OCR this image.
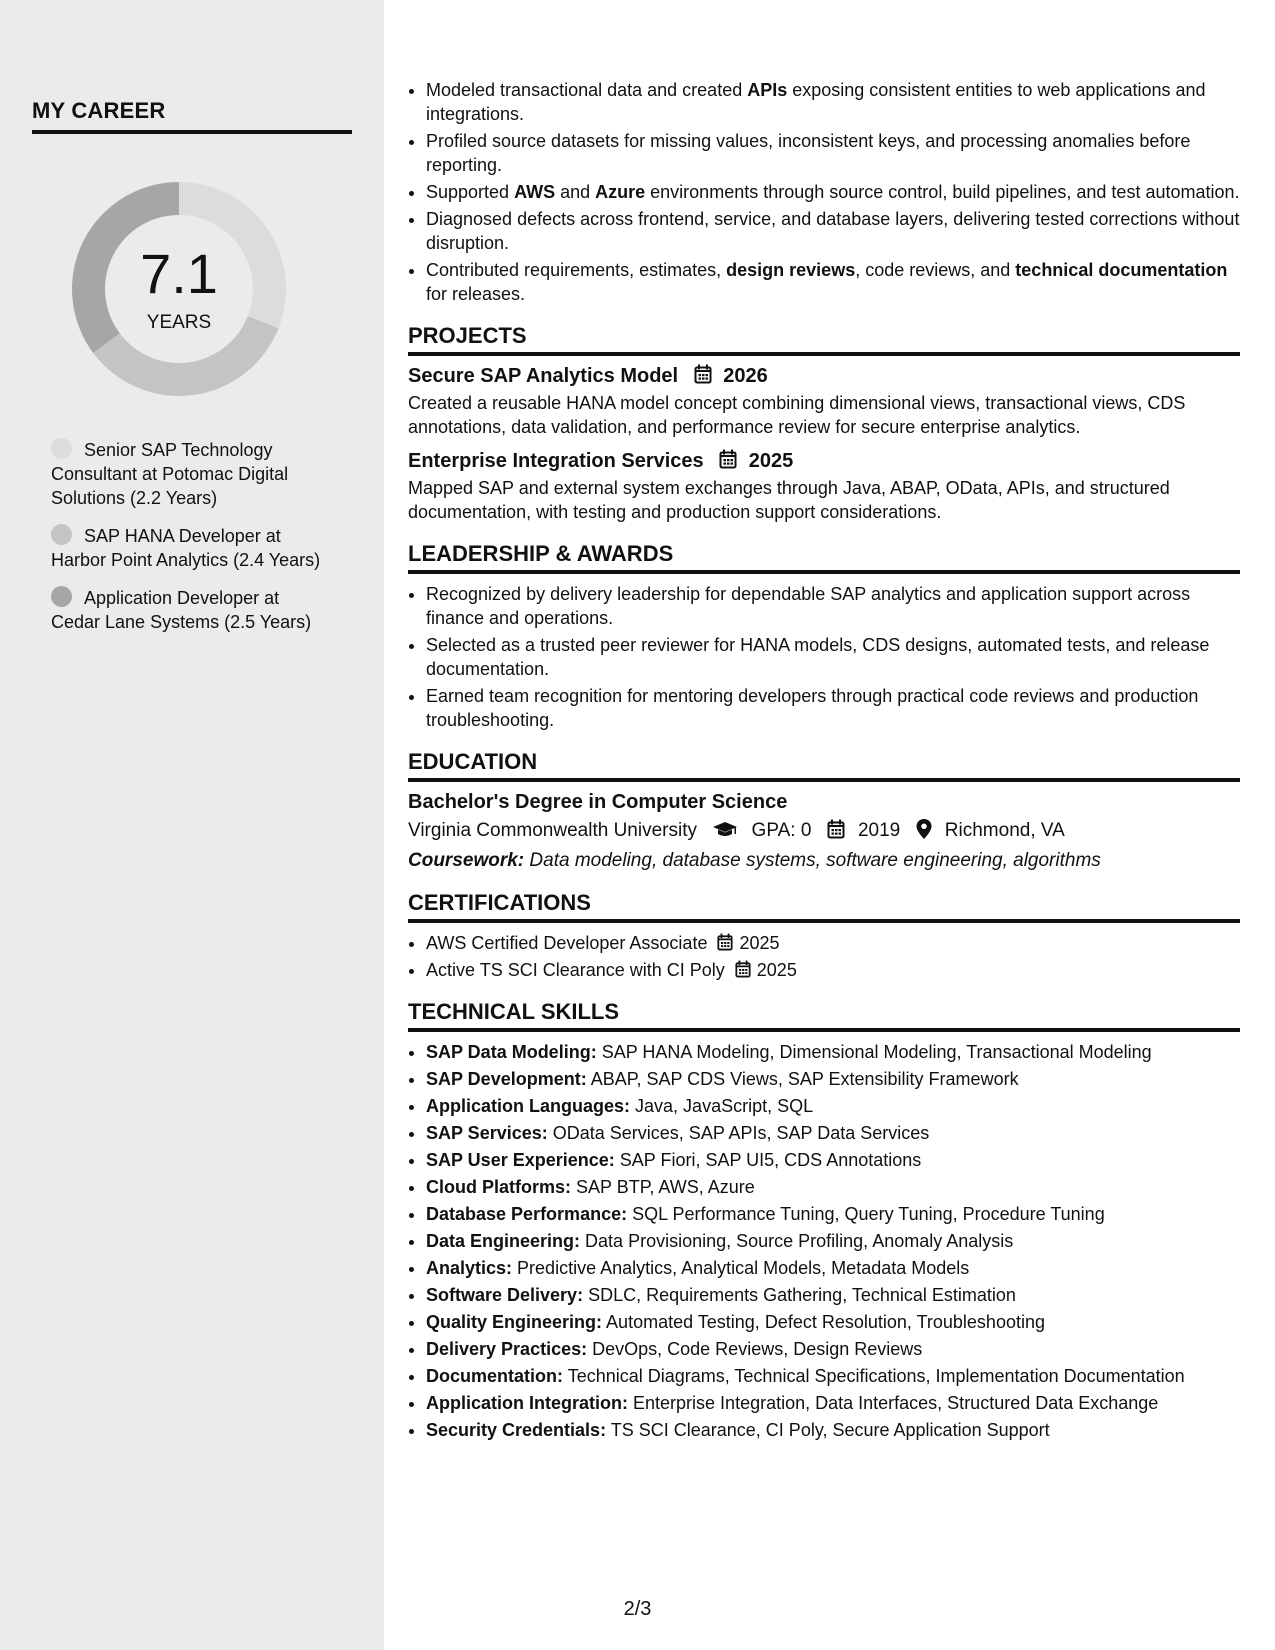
MY CAREER
7.1
YEARS
Senior SAP Technology Consultant at Potomac Digital Solutions (2.2 Years)
SAP HANA Developer at Harbor Point Analytics (2.4 Years)
Application Developer at Cedar Lane Systems (2.5 Years)
• Modeled transactional data and created APIs exposing consistent entities to web applications and integrations.
• Profiled source datasets for missing values, inconsistent keys, and processing anomalies before reporting.
• Supported AWS and Azure environments through source control, build pipelines, and test automation.
• Diagnosed defects across frontend, service, and database layers, delivering tested corrections without disruption.
• Contributed requirements, estimates, design reviews, code reviews, and technical documentation for releases.
PROJECTS
Secure SAP Analytics Model 2026
Created a reusable HANA model concept combining dimensional views, transactional views, CDS annotations, data validation, and performance review for secure enterprise analytics.
Enterprise Integration Services 2025
Mapped SAP and external system exchanges through Java, ABAP, OData, APIs, and structured documentation, with testing and production support considerations.
LEADERSHIP & AWARDS
• Recognized by delivery leadership for dependable SAP analytics and application support across finance and operations.
• Selected as a trusted peer reviewer for HANA models, CDS designs, automated tests, and release documentation.
• Earned team recognition for mentoring developers through practical code reviews and production troubleshooting.
EDUCATION
Bachelor's Degree in Computer Science
Virginia Commonwealth University	GPA: 0 2019 Richmond, VA
Coursework: Data modeling, database systems, software engineering, algorithms
CERTIFICATIONS
• AWS Certified Developer Associate 2025
• Active TS SCI Clearance with CI Poly 2025
TECHNICAL SKILLS
• SAP Data Modeling: SAP HANA Modeling, Dimensional Modeling, Transactional Modeling
• SAP Development: ABAP, SAP CDS Views, SAP Extensibility Framework
• Application Languages: Java, JavaScript, SQL
• SAP Services: OData Services, SAP APIs, SAP Data Services
• SAP User Experience: SAP Fiori, SAP UI5, CDS Annotations
• Cloud Platforms: SAP BTP, AWS, Azure
• Database Performance: SQL Performance Tuning, Query Tuning, Procedure Tuning
• Data Engineering: Data Provisioning, Source Profiling, Anomaly Analysis
• Analytics: Predictive Analytics, Analytical Models, Metadata Models
• Software Delivery: SDLC, Requirements Gathering, Technical Estimation
• Quality Engineering: Automated Testing, Defect Resolution, Troubleshooting
• Delivery Practices: DevOps, Code Reviews, Design Reviews
• Documentation: Technical Diagrams, Technical Specifications, Implementation Documentation
• Application Integration: Enterprise Integration, Data Interfaces, Structured Data Exchange
• Security Credentials: TS SCI Clearance, CI Poly, Secure Application Support
2/3
